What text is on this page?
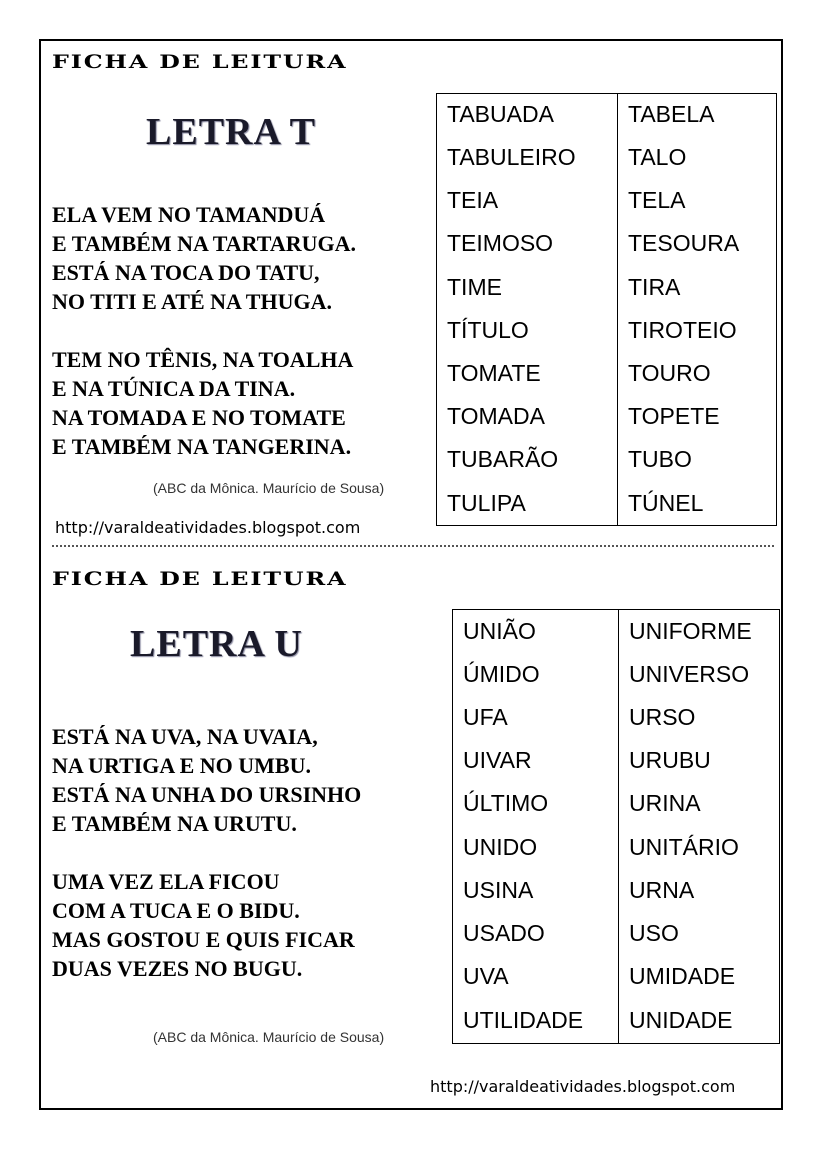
FICHA DE LEITURA
LETRA T
ELA VEM NO TAMANDUÁ
E TAMBÉM NA TARTARUGA.
ESTÁ NA TOCA DO TATU,
NO TITI E ATÉ NA THUGA.
TEM NO TÊNIS, NA TOALHA
E NA TÚNICA DA TINA.
NA TOMADA E NO TOMATE
E TAMBÉM NA TANGERINA.
(ABC da Mônica. Maurício de Sousa)
http://varaldeatividades.blogspot.com
TABUADA
TABULEIRO
TEIA
TEIMOSO
TIME
TÍTULO
TOMATE
TOMADA
TUBARÃO
TULIPA
TABELA
TALO
TELA
TESOURA
TIRA
TIROTEIO
TOURO
TOPETE
TUBO
TÚNEL
FICHA DE LEITURA
LETRA U
ESTÁ NA UVA, NA UVAIA,
NA URTIGA E NO UMBU.
ESTÁ NA UNHA DO URSINHO
E TAMBÉM NA URUTU.
UMA VEZ ELA FICOU
COM A TUCA E O BIDU.
MAS GOSTOU E QUIS FICAR
DUAS VEZES NO BUGU.
(ABC da Mônica. Maurício de Sousa)
http://varaldeatividades.blogspot.com
UNIÃO
ÚMIDO
UFA
UIVAR
ÚLTIMO
UNIDO
USINA
USADO
UVA
UTILIDADE
UNIFORME
UNIVERSO
URSO
URUBU
URINA
UNITÁRIO
URNA
USO
UMIDADE
UNIDADE
